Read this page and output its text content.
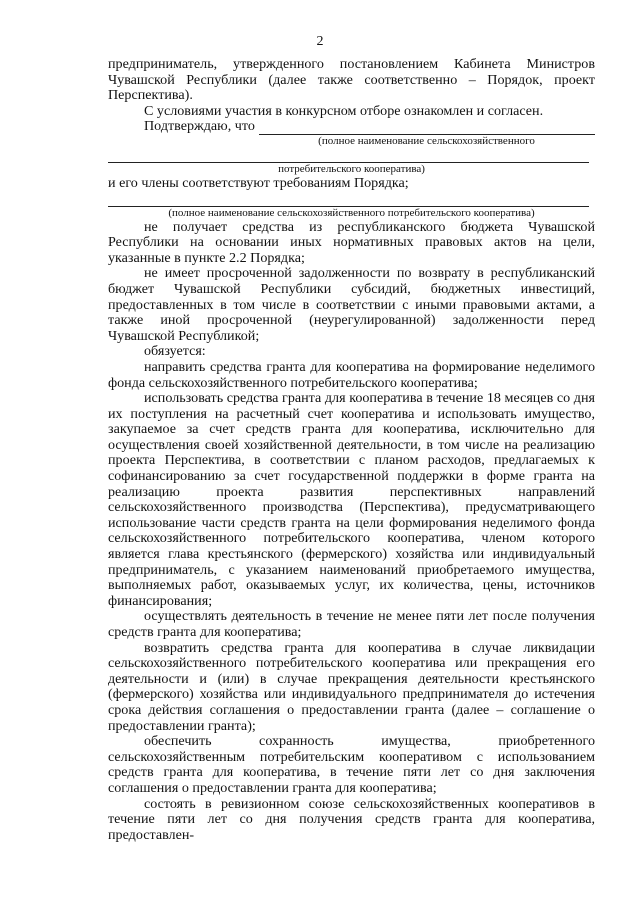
2

предприниматель, утвержденного постановлением Кабинета Министров Чувашской Республики (далее также соответственно – Порядок, проект Перспектива).

С условиями участия в конкурсном отборе ознакомлен и согласен.

Подтверждаю, что

(полное наименование сельскохозяйственного

потребительского кооператива)

и его члены соответствуют требованиям Порядка;

(полное наименование сельскохозяйственного потребительского кооператива)

не получает средства из республиканского бюджета Чувашской Республики на основании иных нормативных правовых актов на цели, указанные в пункте 2.2 Порядка;

не имеет просроченной задолженности по возврату в республиканский бюджет Чувашской Республики субсидий, бюджетных инвестиций, предоставленных в том числе в соответствии с иными правовыми актами, а также иной просроченной (неурегулированной) задолженности перед Чувашской Республикой;

обязуется:

направить средства гранта для кооператива на формирование неделимого фонда сельскохозяйственного потребительского кооператива;

использовать средства гранта для кооператива в течение 18 месяцев со дня их поступления на расчетный счет кооператива и использовать имущество, закупаемое за счет средств гранта для кооператива, исключительно для осуществления своей хозяйственной деятельности, в том числе на реализацию проекта Перспектива, в соответствии с планом расходов, предлагаемых к софинансированию за счет государственной поддержки в форме гранта на реализацию проекта развития перспективных направлений сельскохозяйственного производства (Перспектива), предусматривающего использование части средств гранта на цели формирования неделимого фонда сельскохозяйственного потребительского кооператива, членом которого является глава крестьянского (фермерского) хозяйства или индивидуальный предприниматель, с указанием наименований приобретаемого имущества, выполняемых работ, оказываемых услуг, их количества, цены, источников финансирования;

осуществлять деятельность в течение не менее пяти лет после получения средств гранта для кооператива;

возвратить средства гранта для кооператива в случае ликвидации сельскохозяйственного потребительского кооператива или прекращения его деятельности и (или) в случае прекращения деятельности крестьянского (фермерского) хозяйства или индивидуального предпринимателя до истечения срока действия соглашения о предоставлении гранта (далее – соглашение о предоставлении гранта);

обеспечить сохранность имущества, приобретенного сельскохозяйственным потребительским кооперативом с использованием средств гранта для кооператива, в течение пяти лет со дня заключения соглашения о предоставлении гранта для кооператива;

состоять в ревизионном союзе сельскохозяйственных кооперативов в течение пяти лет со дня получения средств гранта для кооператива, предоставлен-
